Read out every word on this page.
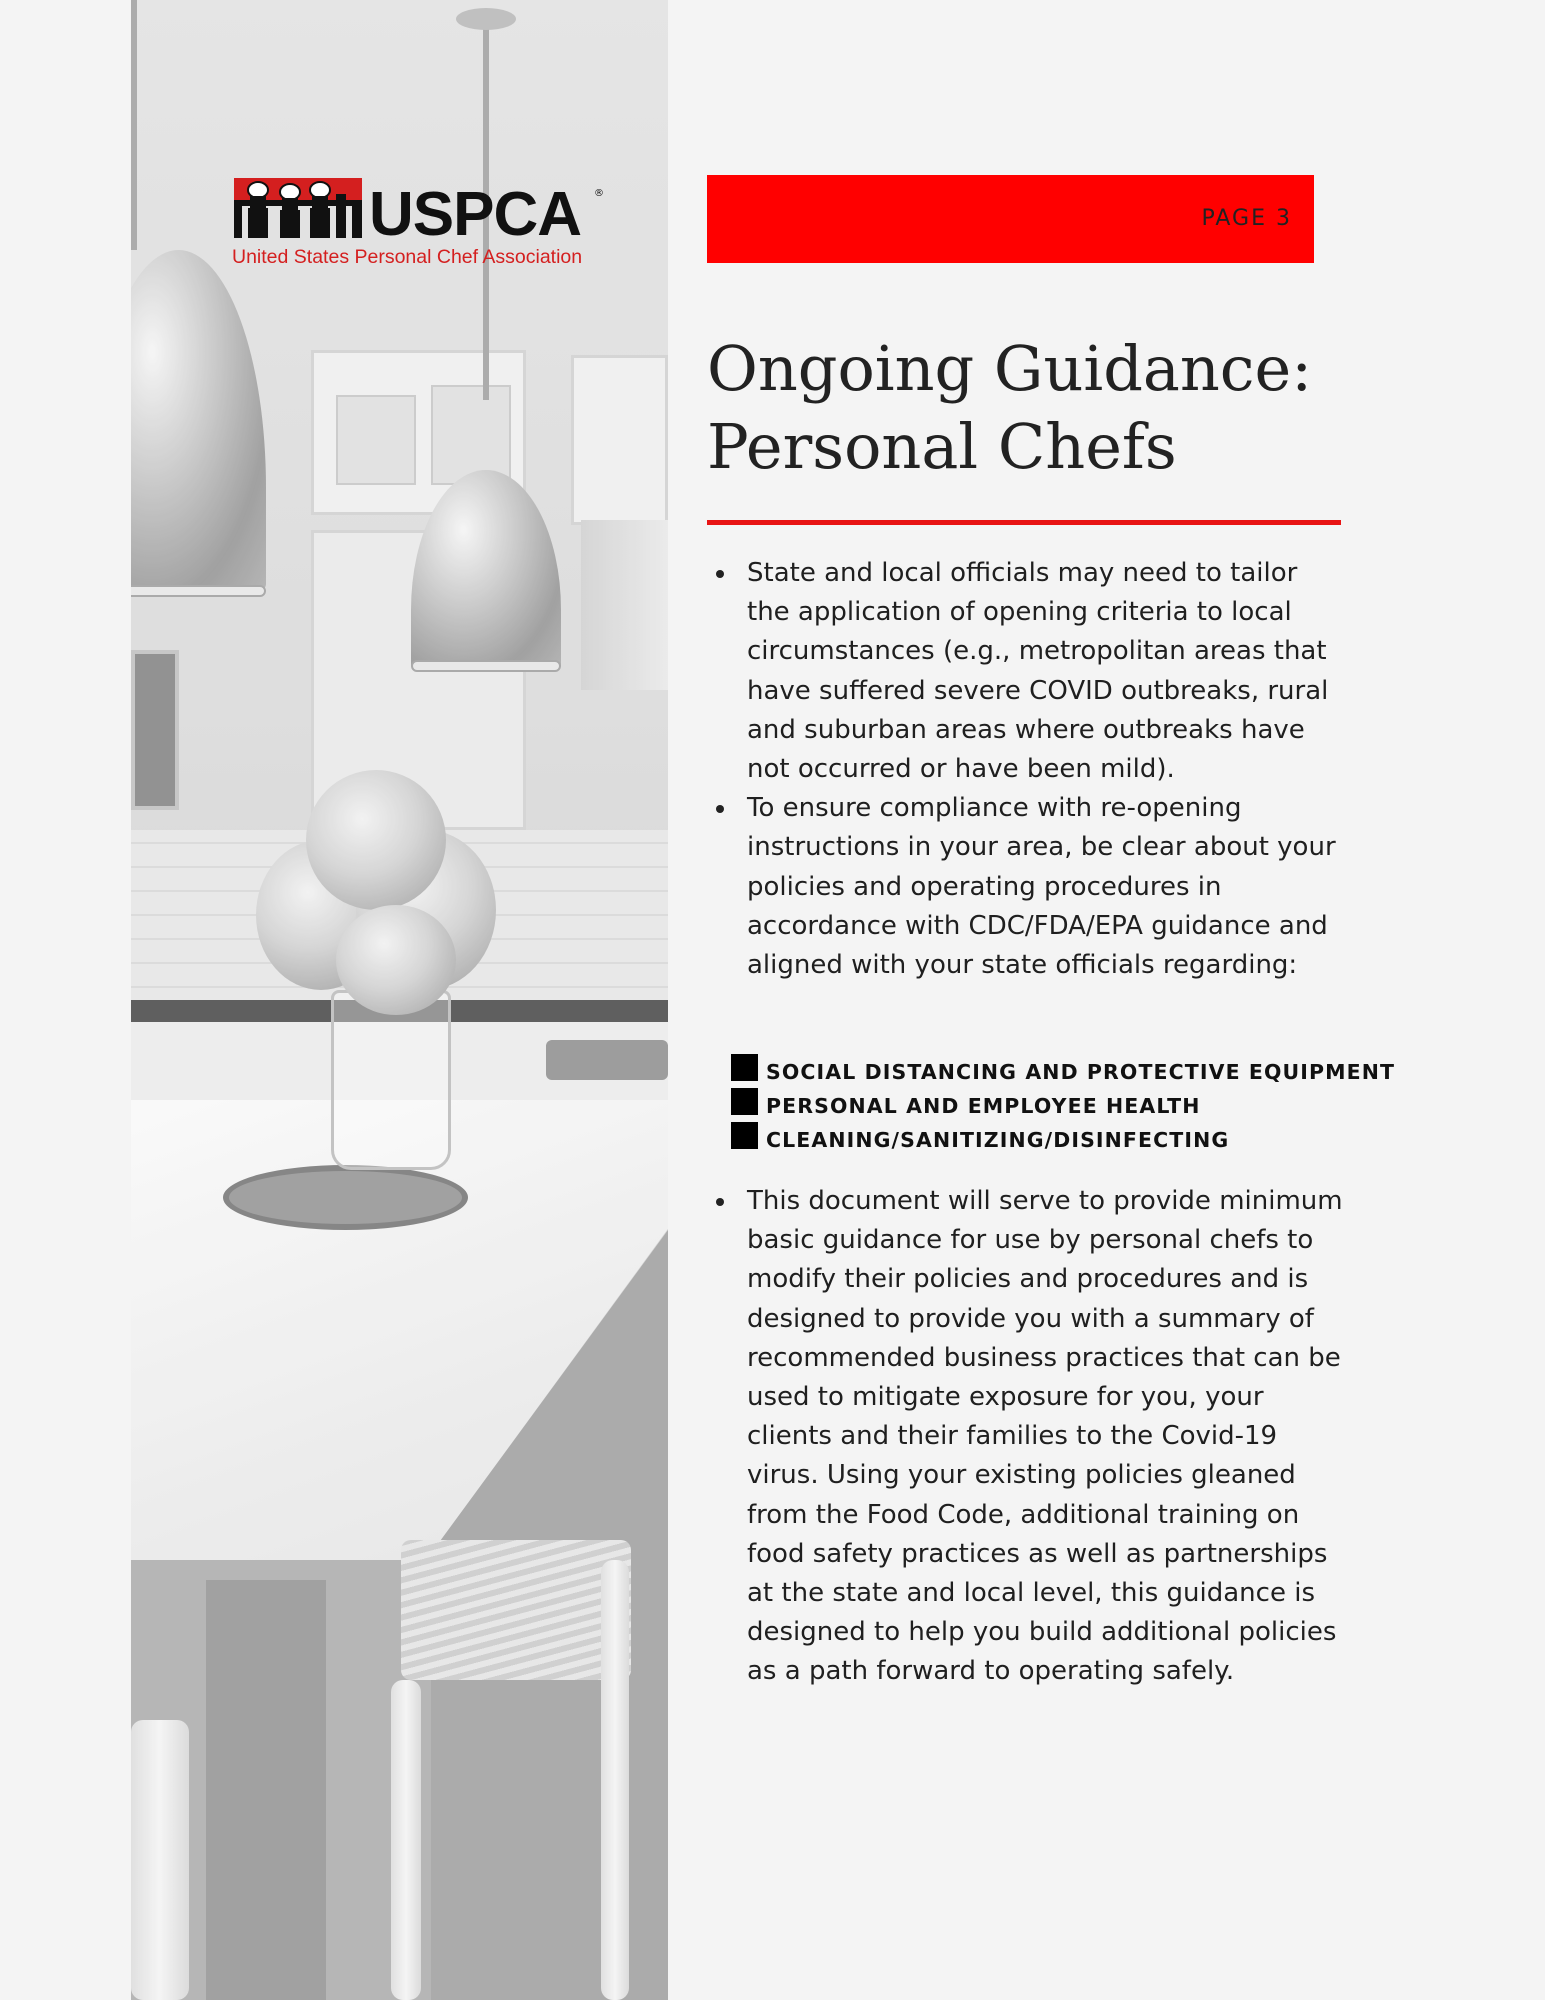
USPCA ®
United States Personal Chef Association
PAGE 3
Ongoing Guidance:
Personal Chefs
State and local officials may need to tailor the application of opening criteria to local circumstances (e.g., metropolitan areas that have suffered severe COVID outbreaks, rural and suburban areas where outbreaks have not occurred or have been mild).
To ensure compliance with re-opening instructions in your area, be clear about your policies and operating procedures in accordance with CDC/FDA/EPA guidance and aligned with your state officials regarding:
SOCIAL DISTANCING AND PROTECTIVE EQUIPMENT
PERSONAL AND EMPLOYEE HEALTH
CLEANING/SANITIZING/DISINFECTING
This document will serve to provide minimum basic guidance for use by personal chefs to modify their policies and procedures and is designed to provide you with a summary of recommended business practices that can be used to mitigate exposure for you, your clients and their families to the Covid-19 virus. Using your existing policies gleaned from the Food Code, additional training on food safety practices as well as partnerships at the state and local level, this guidance is designed to help you build additional policies as a path forward to operating safely.
